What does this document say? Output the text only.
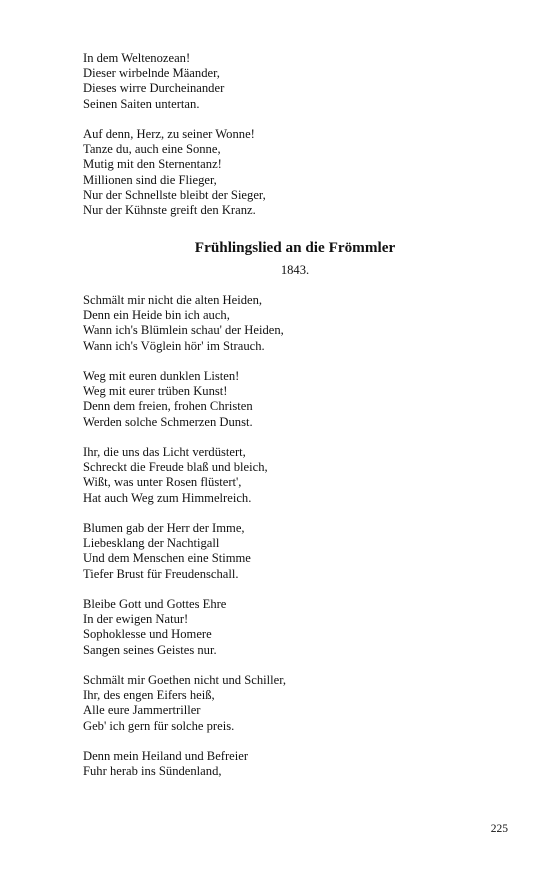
In dem Weltenozean!
Dieser wirbelnde Mäander,
Dieses wirre Durcheinander
Seinen Saiten untertan.
Auf denn, Herz, zu seiner Wonne!
Tanze du, auch eine Sonne,
Mutig mit den Sternentanz!
Millionen sind die Flieger,
Nur der Schnellste bleibt der Sieger,
Nur der Kühnste greift den Kranz.
Frühlingslied an die Frömmler
1843.
Schmält mir nicht die alten Heiden,
Denn ein Heide bin ich auch,
Wann ich's Blümlein schau' der Heiden,
Wann ich's Vöglein hör' im Strauch.
Weg mit euren dunklen Listen!
Weg mit eurer trüben Kunst!
Denn dem freien, frohen Christen
Werden solche Schmerzen Dunst.
Ihr, die uns das Licht verdüstert,
Schreckt die Freude blaß und bleich,
Wißt, was unter Rosen flüstert',
Hat auch Weg zum Himmelreich.
Blumen gab der Herr der Imme,
Liebesklang der Nachtigall
Und dem Menschen eine Stimme
Tiefer Brust für Freudenschall.
Bleibe Gott und Gottes Ehre
In der ewigen Natur!
Sophoklesse und Homere
Sangen seines Geistes nur.
Schmält mir Goethen nicht und Schiller,
Ihr, des engen Eifers heiß,
Alle eure Jammertriller
Geb' ich gern für solche preis.
Denn mein Heiland und Befreier
Fuhr herab ins Sündenland,
225
